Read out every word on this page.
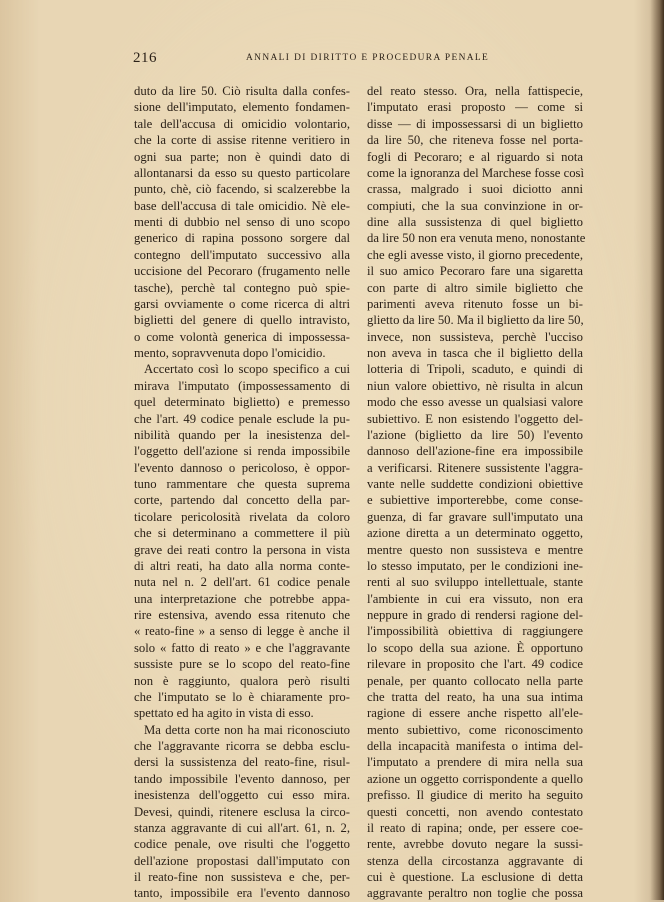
216	ANNALI DI DIRITTO E PROCEDURA PENALE
duto da lire 50. Ciò risulta dalla confes-
sione dell'imputato, elemento fondamen-
tale dell'accusa di omicidio volontario,
che la corte di assise ritenne veritiero in
ogni sua parte; non è quindi dato di
allontanarsi da esso su questo particolare
punto, chè, ciò facendo, si scalzerebbe la
base dell'accusa di tale omicidio. Nè ele-
menti di dubbio nel senso di uno scopo
generico di rapina possono sorgere dal
contegno dell'imputato successivo alla
uccisione del Pecoraro (frugamento nelle
tasche), perchè tal contegno può spie-
garsi ovviamente o come ricerca di altri
biglietti del genere di quello intravisto,
o come volontà generica di impossessa-
mento, sopravvenuta dopo l'omicidio.
Accertato così lo scopo specifico a cui
mirava l'imputato (impossessamento di
quel determinato biglietto) e premesso
che l'art. 49 codice penale esclude la pu-
nibilità quando per la inesistenza del-
l'oggetto dell'azione si renda impossibile
l'evento dannoso o pericoloso, è oppor-
tuno rammentare che questa suprema
corte, partendo dal concetto della par-
ticolare pericolosità rivelata da coloro
che si determinano a commettere il più
grave dei reati contro la persona in vista
di altri reati, ha dato alla norma conte-
nuta nel n. 2 dell'art. 61 codice penale
una interpretazione che potrebbe appa-
rire estensiva, avendo essa ritenuto che
« reato-fine » a senso di legge è anche il
solo « fatto di reato » e che l'aggravante
sussiste pure se lo scopo del reato-fine
non è raggiunto, qualora però risulti
che l'imputato se lo è chiaramente pro-
spettato ed ha agito in vista di esso.
Ma detta corte non ha mai riconosciuto
che l'aggravante ricorra se debba esclu-
dersi la sussistenza del reato-fine, risul-
tando impossibile l'evento dannoso, per
inesistenza dell'oggetto cui esso mira.
Devesi, quindi, ritenere esclusa la circo-
stanza aggravante di cui all'art. 61, n. 2,
codice penale, ove risulti che l'oggetto
dell'azione propostasi dall'imputato con
il reato-fine non sussisteva e che, per-
tanto, impossibile era l'evento dannoso
del reato stesso. Ora, nella fattispecie,
l'imputato erasi proposto — come si
disse — di impossessarsi di un biglietto
da lire 50, che riteneva fosse nel porta-
fogli di Pecoraro; e al riguardo si nota
come la ignoranza del Marchese fosse così
crassa, malgrado i suoi diciotto anni
compiuti, che la sua convinzione in or-
dine alla sussistenza di quel biglietto
da lire 50 non era venuta meno, nonostante
che egli avesse visto, il giorno precedente,
il suo amico Pecoraro fare una sigaretta
con parte di altro simile biglietto che
parimenti aveva ritenuto fosse un bi-
glietto da lire 50. Ma il biglietto da lire 50,
invece, non sussisteva, perchè l'ucciso
non aveva in tasca che il biglietto della
lotteria di Tripoli, scaduto, e quindi di
niun valore obiettivo, nè risulta in alcun
modo che esso avesse un qualsiasi valore
subiettivo. E non esistendo l'oggetto del-
l'azione (biglietto da lire 50) l'evento
dannoso dell'azione-fine era impossibile
a verificarsi. Ritenere sussistente l'aggra-
vante nelle suddette condizioni obiettive
e subiettive importerebbe, come conse-
guenza, di far gravare sull'imputato una
azione diretta a un determinato oggetto,
mentre questo non sussisteva e mentre
lo stesso imputato, per le condizioni ine-
renti al suo sviluppo intellettuale, stante
l'ambiente in cui era vissuto, non era
neppure in grado di rendersi ragione del-
l'impossibilità obiettiva di raggiungere
lo scopo della sua azione. È opportuno
rilevare in proposito che l'art. 49 codice
penale, per quanto collocato nella parte
che tratta del reato, ha una sua intima
ragione di essere anche rispetto all'ele-
mento subiettivo, come riconoscimento
della incapacità manifesta o intima del-
l'imputato a prendere di mira nella sua
azione un oggetto corrispondente a quello
prefisso. Il giudice di merito ha seguito
questi concetti, non avendo contestato
il reato di rapina; onde, per essere coe-
rente, avrebbe dovuto negare la sussi-
stenza della circostanza aggravante di
cui è questione. La esclusione di detta
aggravante peraltro non toglie che possa
